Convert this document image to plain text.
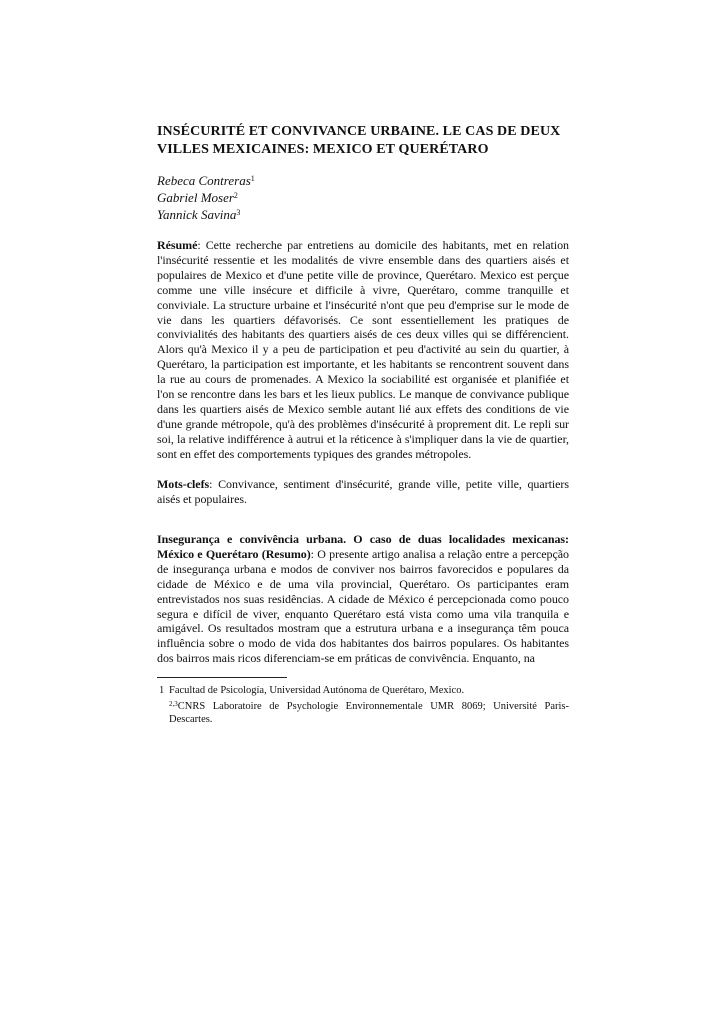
INSÉCURITÉ ET CONVIVANCE URBAINE. LE CAS DE DEUX
VILLES MEXICAINES: MEXICO ET QUERÉTARO
Rebeca Contreras$^1$
Gabriel Moser$^2$
Yannick Savina$^3$
Résumé: Cette recherche par entretiens au domicile des habitants, met en relation l'insécurité ressentie et les modalités de vivre ensemble dans des quartiers aisés et populaires de Mexico et d'une petite ville de province, Querétaro. Mexico est perçue comme une ville insécure et difficile à vivre, Querétaro, comme tranquille et conviviale. La structure urbaine et l'insécurité n'ont que peu d'emprise sur le mode de vie dans les quartiers défavorisés. Ce sont essentiellement les pratiques de convivialités des habitants des quartiers aisés de ces deux villes qui se différencient. Alors qu'à Mexico il y a peu de participation et peu d'activité au sein du quartier, à Querétaro, la participation est importante, et les habitants se rencontrent souvent dans la rue au cours de promenades. A Mexico la sociabilité est organisée et planifiée et l'on se rencontre dans les bars et les lieux publics. Le manque de convivance publique dans les quartiers aisés de Mexico semble autant lié aux effets des conditions de vie d'une grande métropole, qu'à des problèmes d'insécurité à proprement dit. Le repli sur soi, la relative indifférence à autrui et la réticence à s'impliquer dans la vie de quartier, sont en effet des comportements typiques des grandes métropoles.
Mots-clefs: Convivance, sentiment d'insécurité, grande ville, petite ville, quartiers aisés et populaires.
Insegurança e convivência urbana. O caso de duas localidades mexicanas: México e Querétaro (Resumo): O presente artigo analisa a relação entre a percepção de insegurança urbana e modos de conviver nos bairros favorecidos e populares da cidade de México e de uma vila provincial, Querétaro. Os participantes eram entrevistados nos suas residências. A cidade de México é percepcionada como pouco segura e difícil de viver, enquanto Querétaro está vista como uma vila tranquila e amigável. Os resultados mostram que a estrutura urbana e a insegurança têm pouca influência sobre o modo de vida dos habitantes dos bairros populares. Os habitantes dos bairros mais ricos diferenciam-se em práticas de convivência. Enquanto, na
1 Facultad de Psicología, Universidad Autónoma de Querétaro, Mexico.
$^{2,3}$CNRS Laboratoire de Psychologie Environnementale UMR 8069; Université Paris-Descartes.
